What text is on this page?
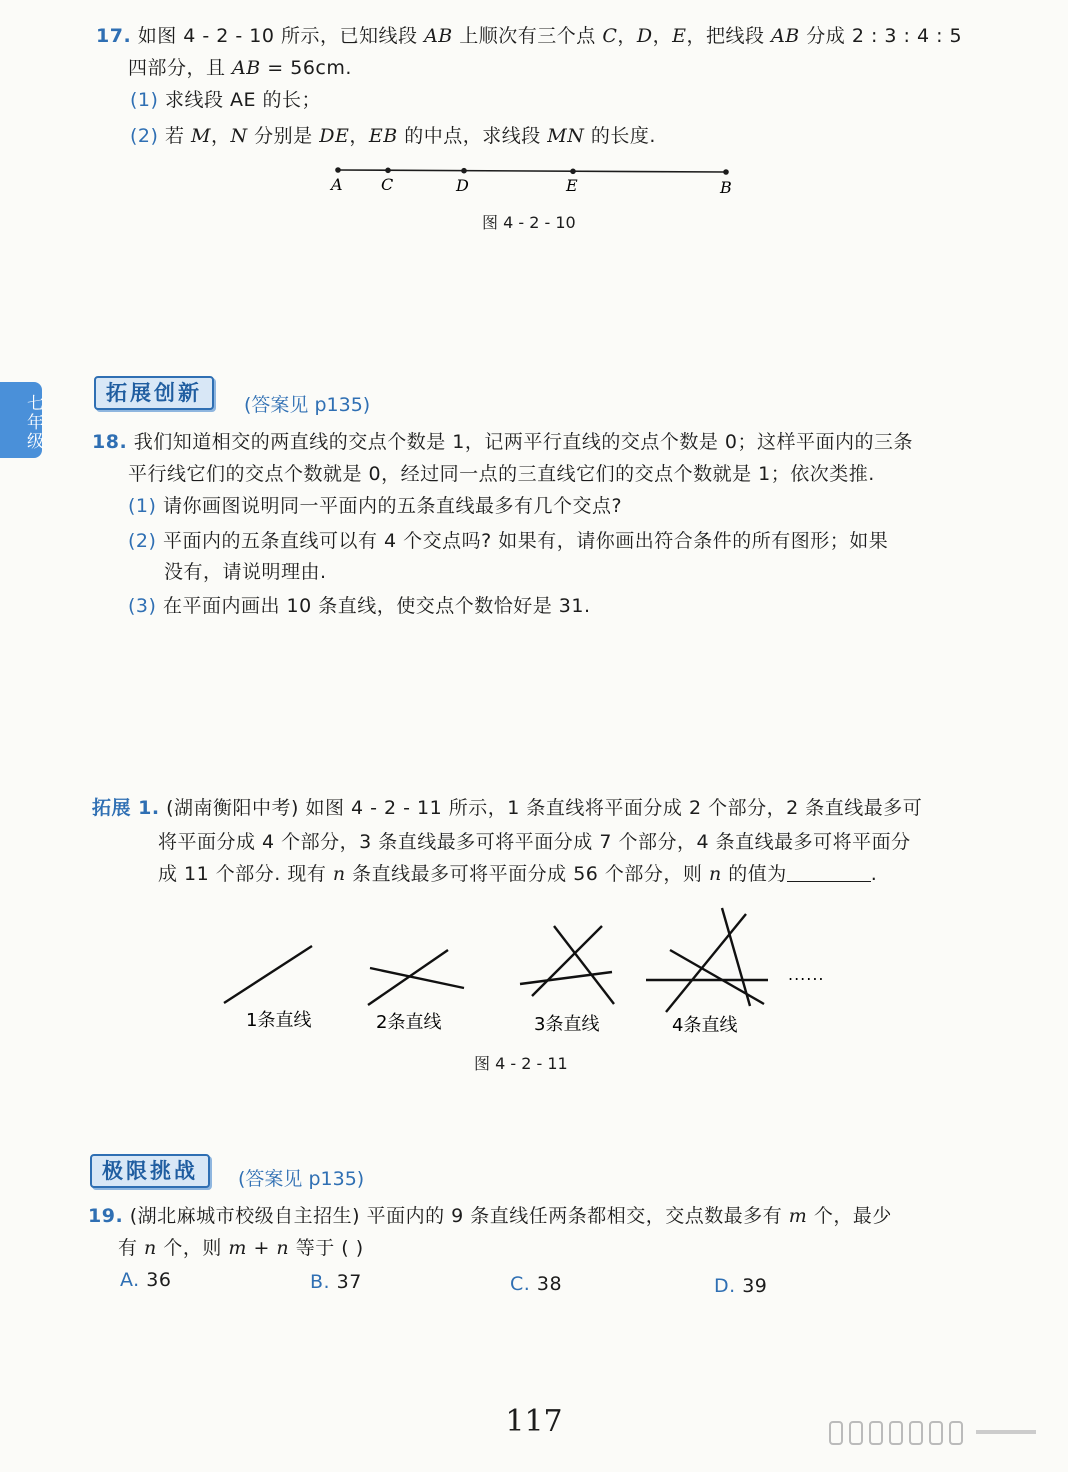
七年级
17. 如图 4 - 2 - 10 所示，已知线段 AB 上顺次有三个点 C，D，E，把线段 AB 分成 2 : 3 : 4 : 5
四部分，且 AB = 56cm.
(1) 求线段 AE 的长；
(2) 若 M，N 分别是 DE，EB 的中点，求线段 MN 的长度.
A C	D	E	B
图 4 - 2 - 10
拓展创新	(答案见 p135)
18. 我们知道相交的两直线的交点个数是 1，记两平行直线的交点个数是 0；这样平面内的三条
平行线它们的交点个数就是 0，经过同一点的三直线它们的交点个数就是 1；依次类推.
(1) 请你画图说明同一平面内的五条直线最多有几个交点?
(2) 平面内的五条直线可以有 4 个交点吗? 如果有，请你画出符合条件的所有图形；如果
没有，请说明理由.
(3) 在平面内画出 10 条直线，使交点个数恰好是 31.
拓展 1. (湖南衡阳中考) 如图 4 - 2 - 11 所示，1 条直线将平面分成 2 个部分，2 条直线最多可
将平面分成 4 个部分，3 条直线最多可将平面分成 7 个部分，4 条直线最多可将平面分
成 11 个部分. 现有 n 条直线最多可将平面分成 56 个部分，则 n 的值为	.
......
1条直线	2条直线	3条直线	4条直线
图 4 - 2 - 11
极限挑战	(答案见 p135)
19. (湖北麻城市校级自主招生) 平面内的 9 条直线任两条都相交，交点数最多有 m 个，最少
有 n 个，则 m + n 等于 ( )
A. 36	B. 37	C. 38	D. 39
117
